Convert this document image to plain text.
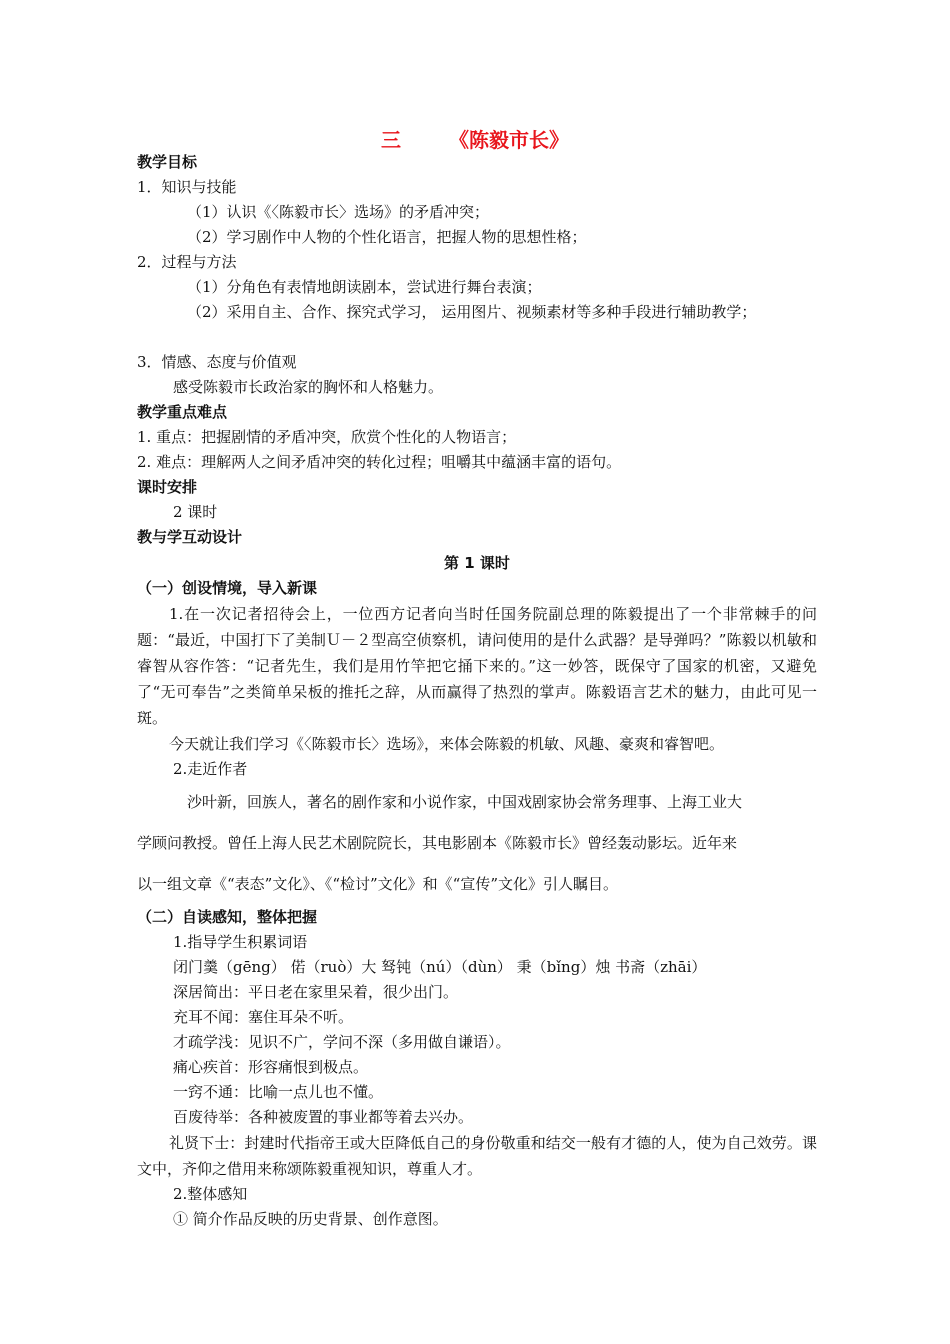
三 《陈毅市长》
教学目标
1．知识与技能
（1）认识《〈陈毅市长〉选场》的矛盾冲突；
（2）学习剧作中人物的个性化语言，把握人物的思想性格；
2．过程与方法
（1）分角色有表情地朗读剧本，尝试进行舞台表演；
（2）采用自主、合作、探究式学习， 运用图片、视频素材等多种手段进行辅助教学；
3．情感、态度与价值观
感受陈毅市长政治家的胸怀和人格魅力。
教学重点难点
1. 重点：把握剧情的矛盾冲突，欣赏个性化的人物语言；
2. 难点：理解两人之间矛盾冲突的转化过程；咀嚼其中蕴涵丰富的语句。
课时安排
2 课时
教与学互动设计
第 1 课时
（一）创设情境，导入新课
1.在一次记者招待会上，一位西方记者向当时任国务院副总理的陈毅提出了一个非常棘手的问题：“最近，中国打下了美制Ｕ－２型高空侦察机，请问使用的是什么武器？是导弹吗？”陈毅以机敏和睿智从容作答：“记者先生，我们是用竹竿把它捅下来的。”这一妙答，既保守了国家的机密，又避免了“无可奉告”之类简单呆板的推托之辞，从而赢得了热烈的掌声。陈毅语言艺术的魅力，由此可见一斑。
今天就让我们学习《〈陈毅市长〉选场》，来体会陈毅的机敏、风趣、豪爽和睿智吧。
2.走近作者
沙叶新，回族人，著名的剧作家和小说作家，中国戏剧家协会常务理事、上海工业大
学顾问教授。曾任上海人民艺术剧院院长，其电影剧本《陈毅市长》曾经轰动影坛。近年来
以一组文章《“表态”文化》、《“检讨”文化》和《“宣传”文化》引人瞩目。
（二）自读感知，整体把握
1.指导学生积累词语
闭门羹（gēng） 偌（ruò）大 驽钝（nú）（dùn） 秉（bǐng）烛 书斋（zhāi）
深居简出：平日老在家里呆着，很少出门。
充耳不闻：塞住耳朵不听。
才疏学浅：见识不广，学问不深（多用做自谦语）。
痛心疾首：形容痛恨到极点。
一窍不通：比喻一点儿也不懂。
百废待举：各种被废置的事业都等着去兴办。
礼贤下士：封建时代指帝王或大臣降低自己的身份敬重和结交一般有才德的人，使为自己效劳。课文中，齐仰之借用来称颂陈毅重视知识，尊重人才。
2.整体感知
① 简介作品反映的历史背景、创作意图。
